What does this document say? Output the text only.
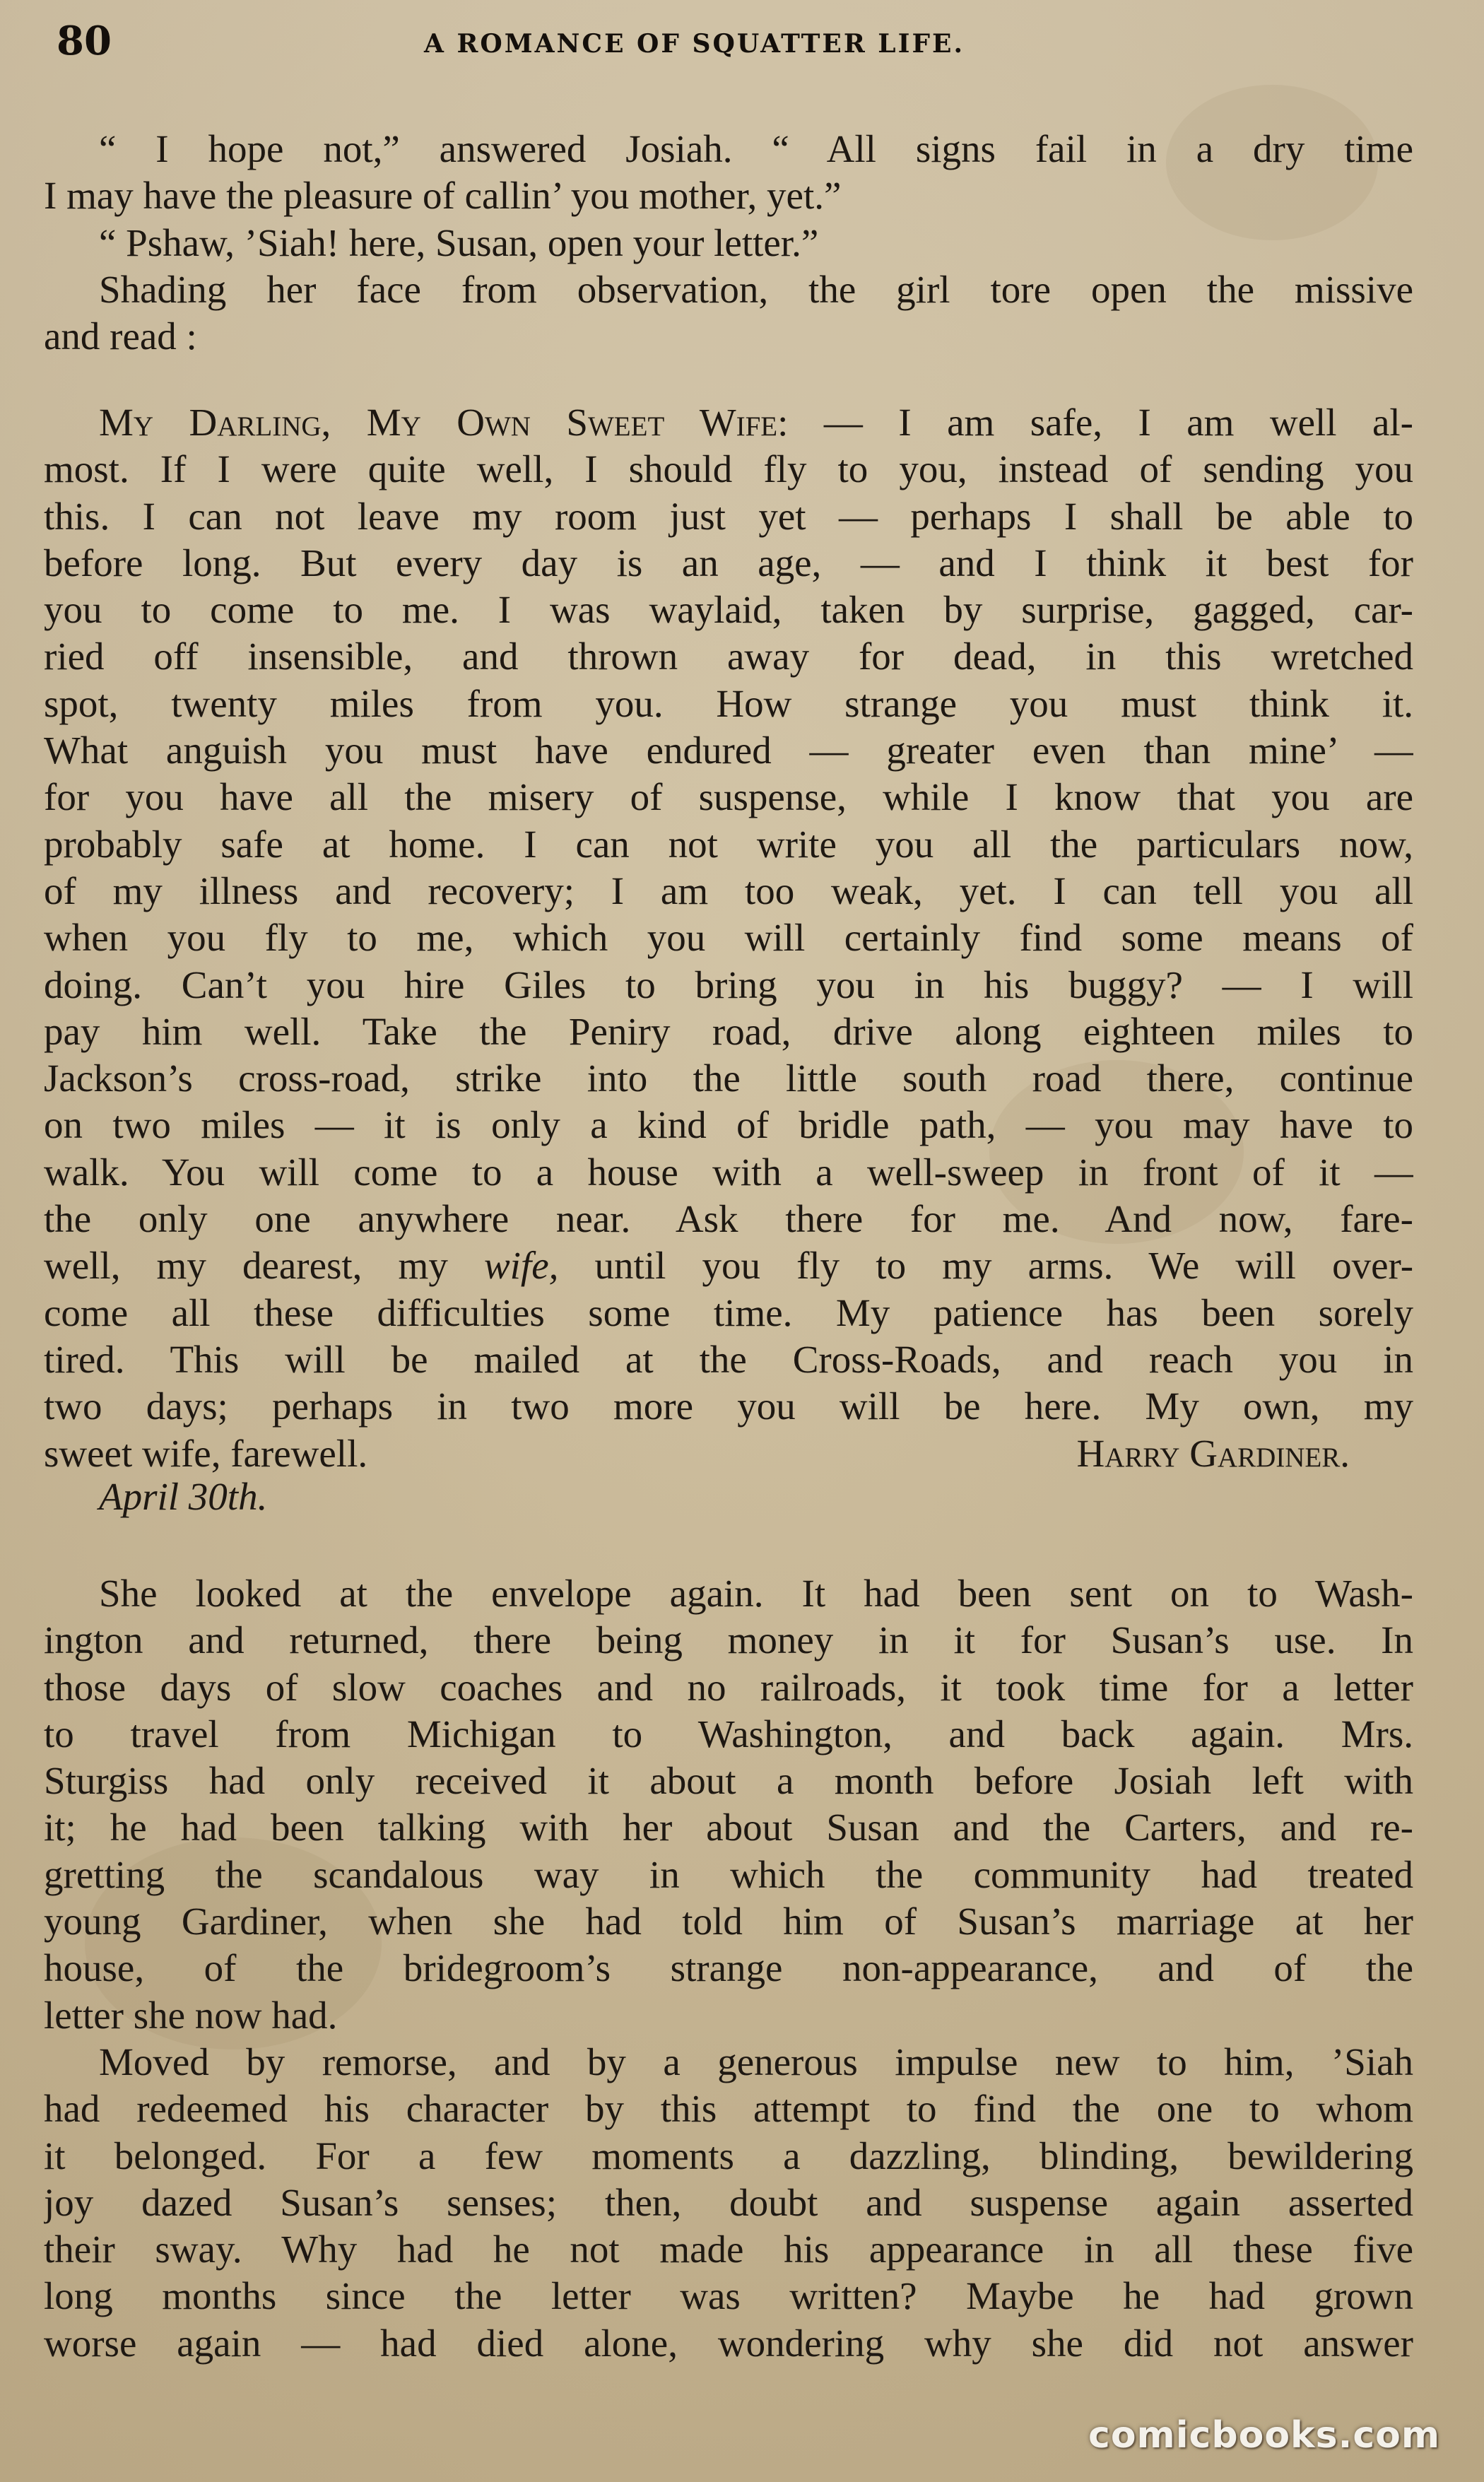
80	A ROMANCE OF SQUATTER LIFE.
“ I hope not,” answered Josiah. “ All signs fail in a dry time
I may have the pleasure of callin’ you mother, yet.”
“ Pshaw, ’Siah! here, Susan, open your letter.”
Shading her face from observation, the girl tore open the missive
and read :
My Darling, My Own Sweet Wife: — I am safe, I am well al-
most. If I were quite well, I should fly to you, instead of sending you
this. I can not leave my room just yet — perhaps I shall be able to
before long. But every day is an age, — and I think it best for
you to come to me. I was waylaid, taken by surprise, gagged, car-
ried off insensible, and thrown away for dead, in this wretched
spot, twenty miles from you. How strange you must think it.
What anguish you must have endured — greater even than mine’ —
for you have all the misery of suspense, while I know that you are
probably safe at home. I can not write you all the particulars now,
of my illness and recovery; I am too weak, yet. I can tell you all
when you fly to me, which you will certainly find some means of
doing. Can’t you hire Giles to bring you in his buggy? — I will
pay him well. Take the Peniry road, drive along eighteen miles to
Jackson’s cross-road, strike into the little south road there, continue
on two miles — it is only a kind of bridle path, — you may have to
walk. You will come to a house with a well-sweep in front of it —
the only one anywhere near. Ask there for me. And now, fare-
well, my dearest, my wife, until you fly to my arms. We will over-
come all these difficulties some time. My patience has been sorely
tired. This will be mailed at the Cross-Roads, and reach you in
two days; perhaps in two more you will be here. My own, my
sweet wife, farewell.	Harry Gardiner.
April 30th.
She looked at the envelope again. It had been sent on to Wash-
ington and returned, there being money in it for Susan’s use. In
those days of slow coaches and no railroads, it took time for a letter
to travel from Michigan to Washington, and back again. Mrs.
Sturgiss had only received it about a month before Josiah left with
it; he had been talking with her about Susan and the Carters, and re-
gretting the scandalous way in which the community had treated
young Gardiner, when she had told him of Susan’s marriage at her
house, of the bridegroom’s strange non-appearance, and of the
letter she now had.
Moved by remorse, and by a generous impulse new to him, ’Siah
had redeemed his character by this attempt to find the one to whom
it belonged. For a few moments a dazzling, blinding, bewildering
joy dazed Susan’s senses; then, doubt and suspense again asserted
their sway. Why had he not made his appearance in all these five
long months since the letter was written? Maybe he had grown
worse again — had died alone, wondering why she did not answer
comicbooks.com
